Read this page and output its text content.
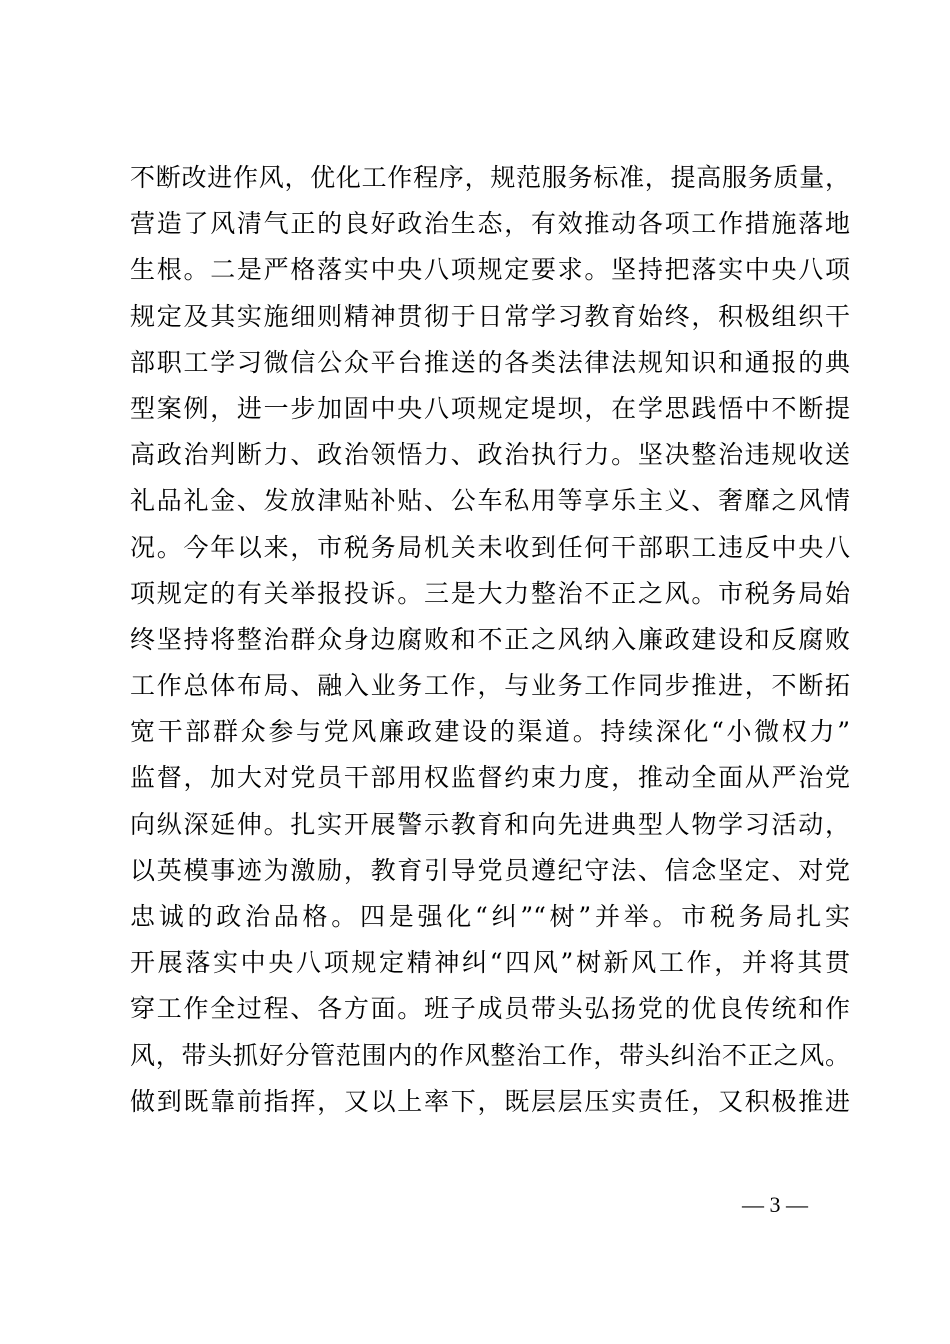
不断改进作风，优化工作程序，规范服务标准，提高服务质量，
营造了风清气正的良好政治生态，有效推动各项工作措施落地
生根。二是严格落实中央八项规定要求。坚持把落实中央八项
规定及其实施细则精神贯彻于日常学习教育始终，积极组织干
部职工学习微信公众平台推送的各类法律法规知识和通报的典
型案例，进一步加固中央八项规定堤坝，在学思践悟中不断提
高政治判断力、政治领悟力、政治执行力。坚决整治违规收送
礼品礼金、发放津贴补贴、公车私用等享乐主义、奢靡之风情
况。今年以来，市税务局机关未收到任何干部职工违反中央八
项规定的有关举报投诉。三是大力整治不正之风。市税务局始
终坚持将整治群众身边腐败和不正之风纳入廉政建设和反腐败
工作总体布局、融入业务工作，与业务工作同步推进，不断拓
宽干部群众参与党风廉政建设的渠道。持续深化“小微权力”
监督，加大对党员干部用权监督约束力度，推动全面从严治党
向纵深延伸。扎实开展警示教育和向先进典型人物学习活动，
以英模事迹为激励，教育引导党员遵纪守法、信念坚定、对党
忠诚的政治品格。四是强化“纠”“树”并举。市税务局扎实
开展落实中央八项规定精神纠“四风”树新风工作，并将其贯
穿工作全过程、各方面。班子成员带头弘扬党的优良传统和作
风，带头抓好分管范围内的作风整治工作，带头纠治不正之风。
做到既靠前指挥，又以上率下，既层层压实责任，又积极推进
— 3 —
